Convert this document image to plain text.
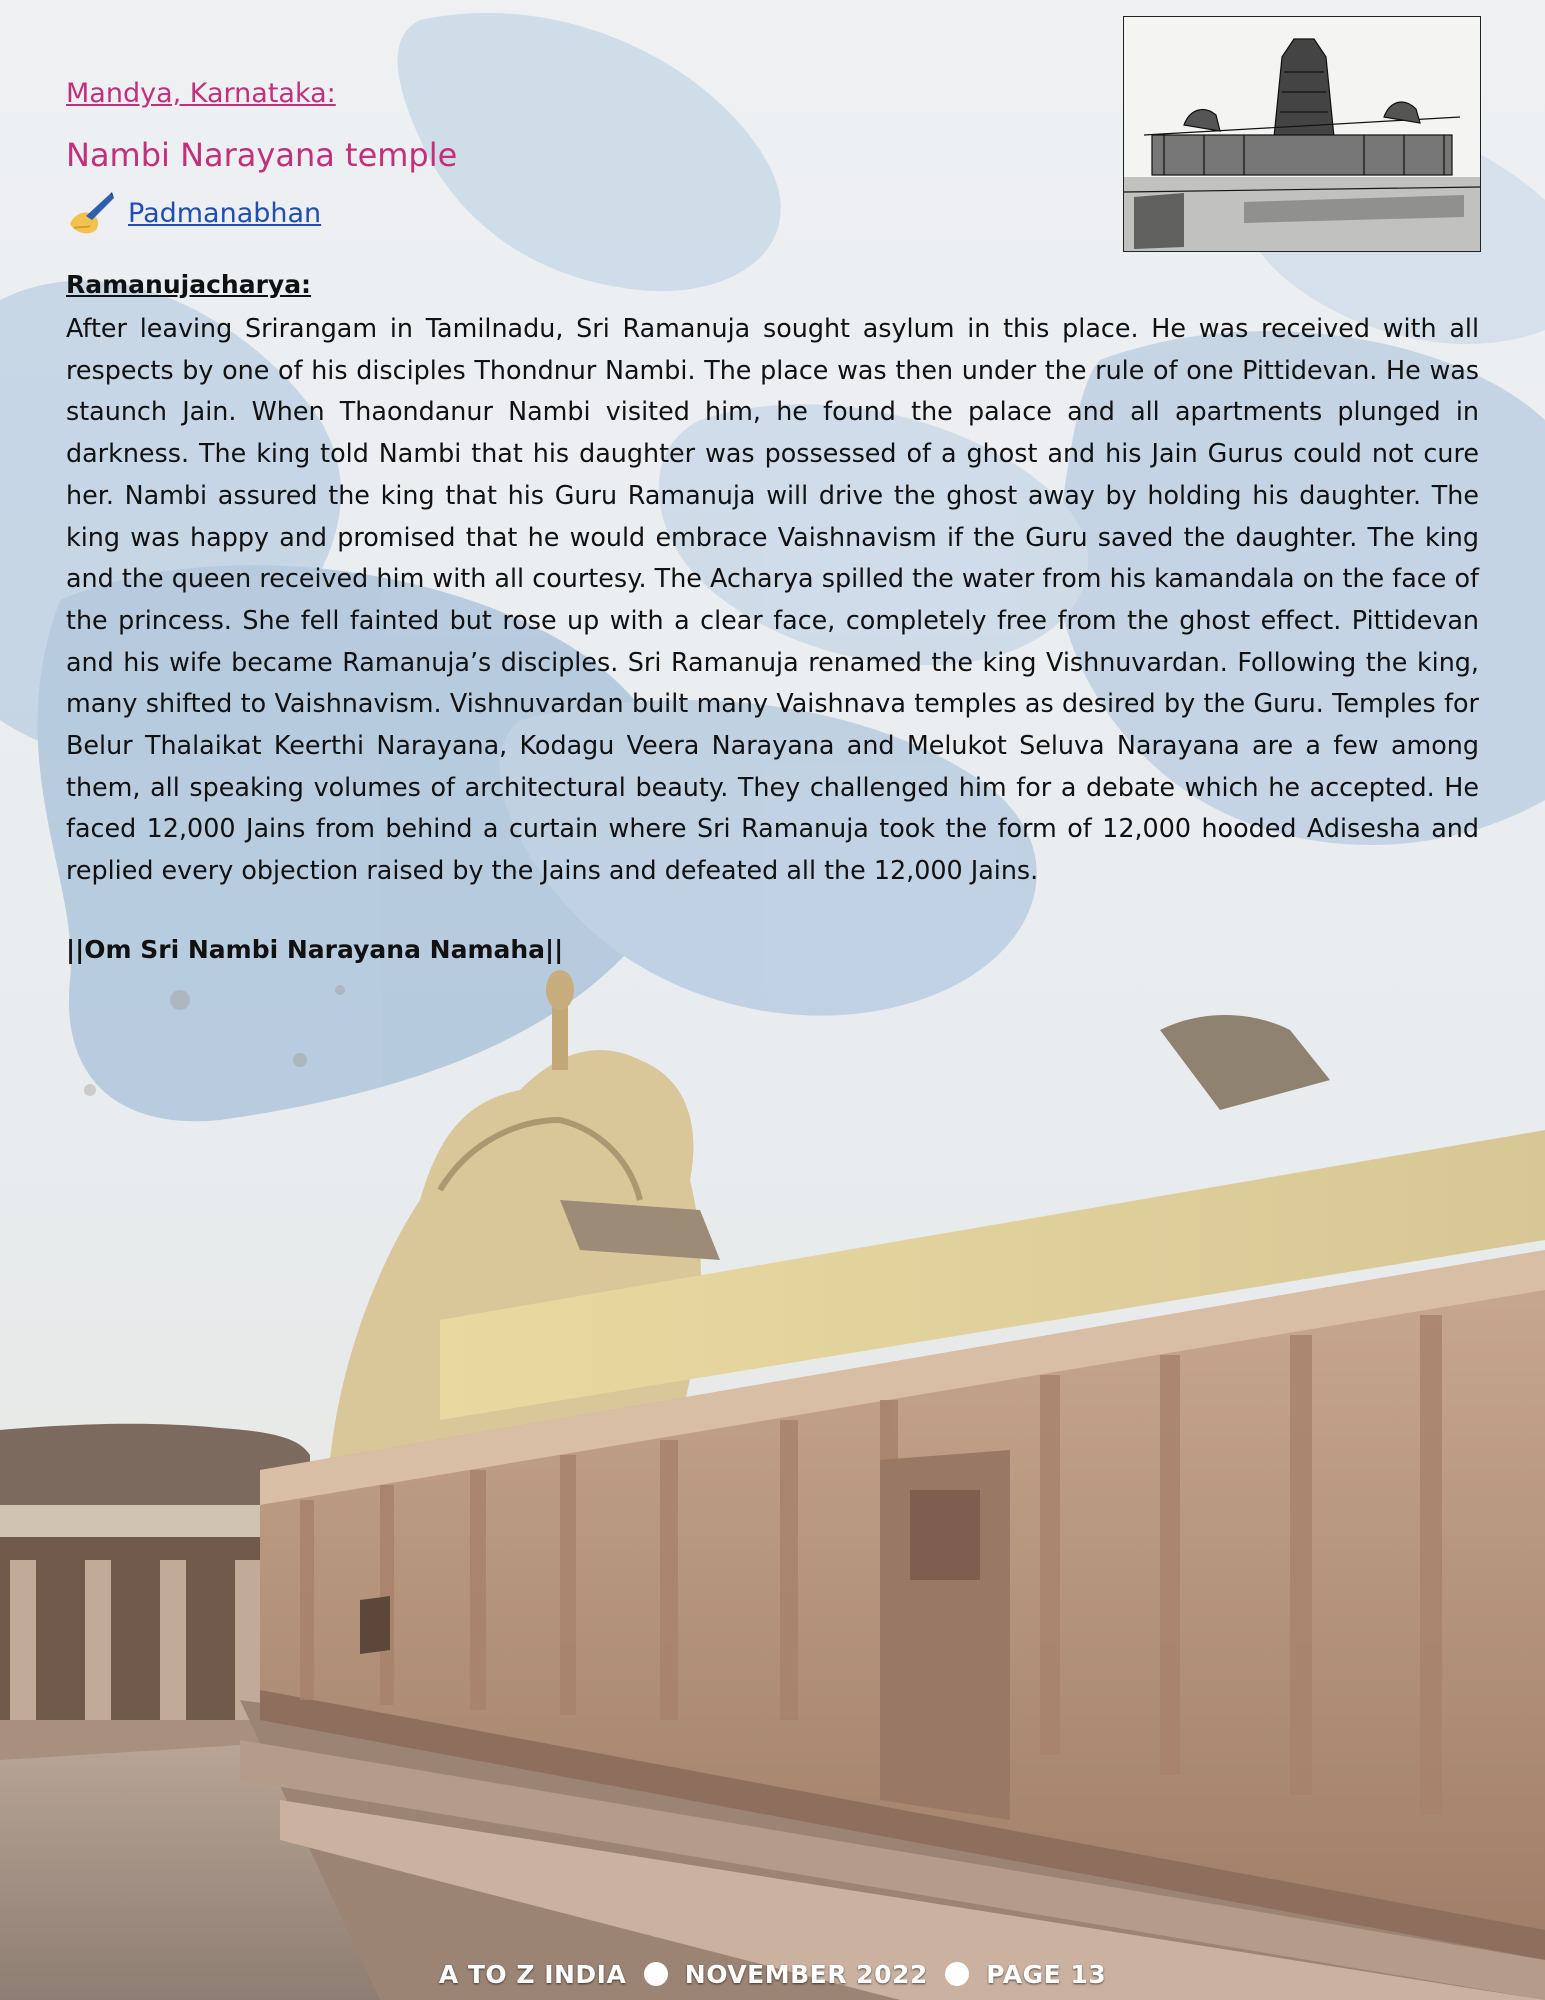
Mandya, Karnataka:
Nambi Narayana temple
Padmanabhan
Ramanujacharya:

After leaving Srirangam in Tamilnadu, Sri Ramanuja sought asylum in this place. He was received with all respects by one of his disciples Thondnur Nambi. The place was then under the rule of one Pittidevan. He was staunch Jain. When Thaondanur Nambi visited him, he found the palace and all apartments plunged in darkness. The king told Nambi that his daughter was possessed of a ghost and his Jain Gurus could not cure her. Nambi assured the king that his Guru Ramanuja will drive the ghost away by holding his daughter. The king was happy and promised that he would embrace Vaishnavism if the Guru saved the daughter. The king and the queen received him with all courtesy. The Acharya spilled the water from his kamandala on the face of the princess. She fell fainted but rose up with a clear face, completely free from the ghost effect. Pittidevan and his wife became Ramanuja’s disciples. Sri Ramanuja renamed the king Vishnuvardan. Following the king, many shifted to Vaishnavism. Vishnuvardan built many Vaishnava temples as desired by the Guru. Temples for Belur Thalaikat Keerthi Narayana, Kodagu Veera Narayana and Melukot Seluva Narayana are a few among them, all speaking volumes of architectural beauty. They challenged him for a debate which he accepted. He faced 12,000 Jains from behind a curtain where Sri Ramanuja took the form of 12,000 hooded Adisesha and replied every objection raised by the Jains and defeated all the 12,000 Jains.

||Om Sri Nambi Narayana Namaha||
A TO Z INDIA NOVEMBER 2022 PAGE 13
